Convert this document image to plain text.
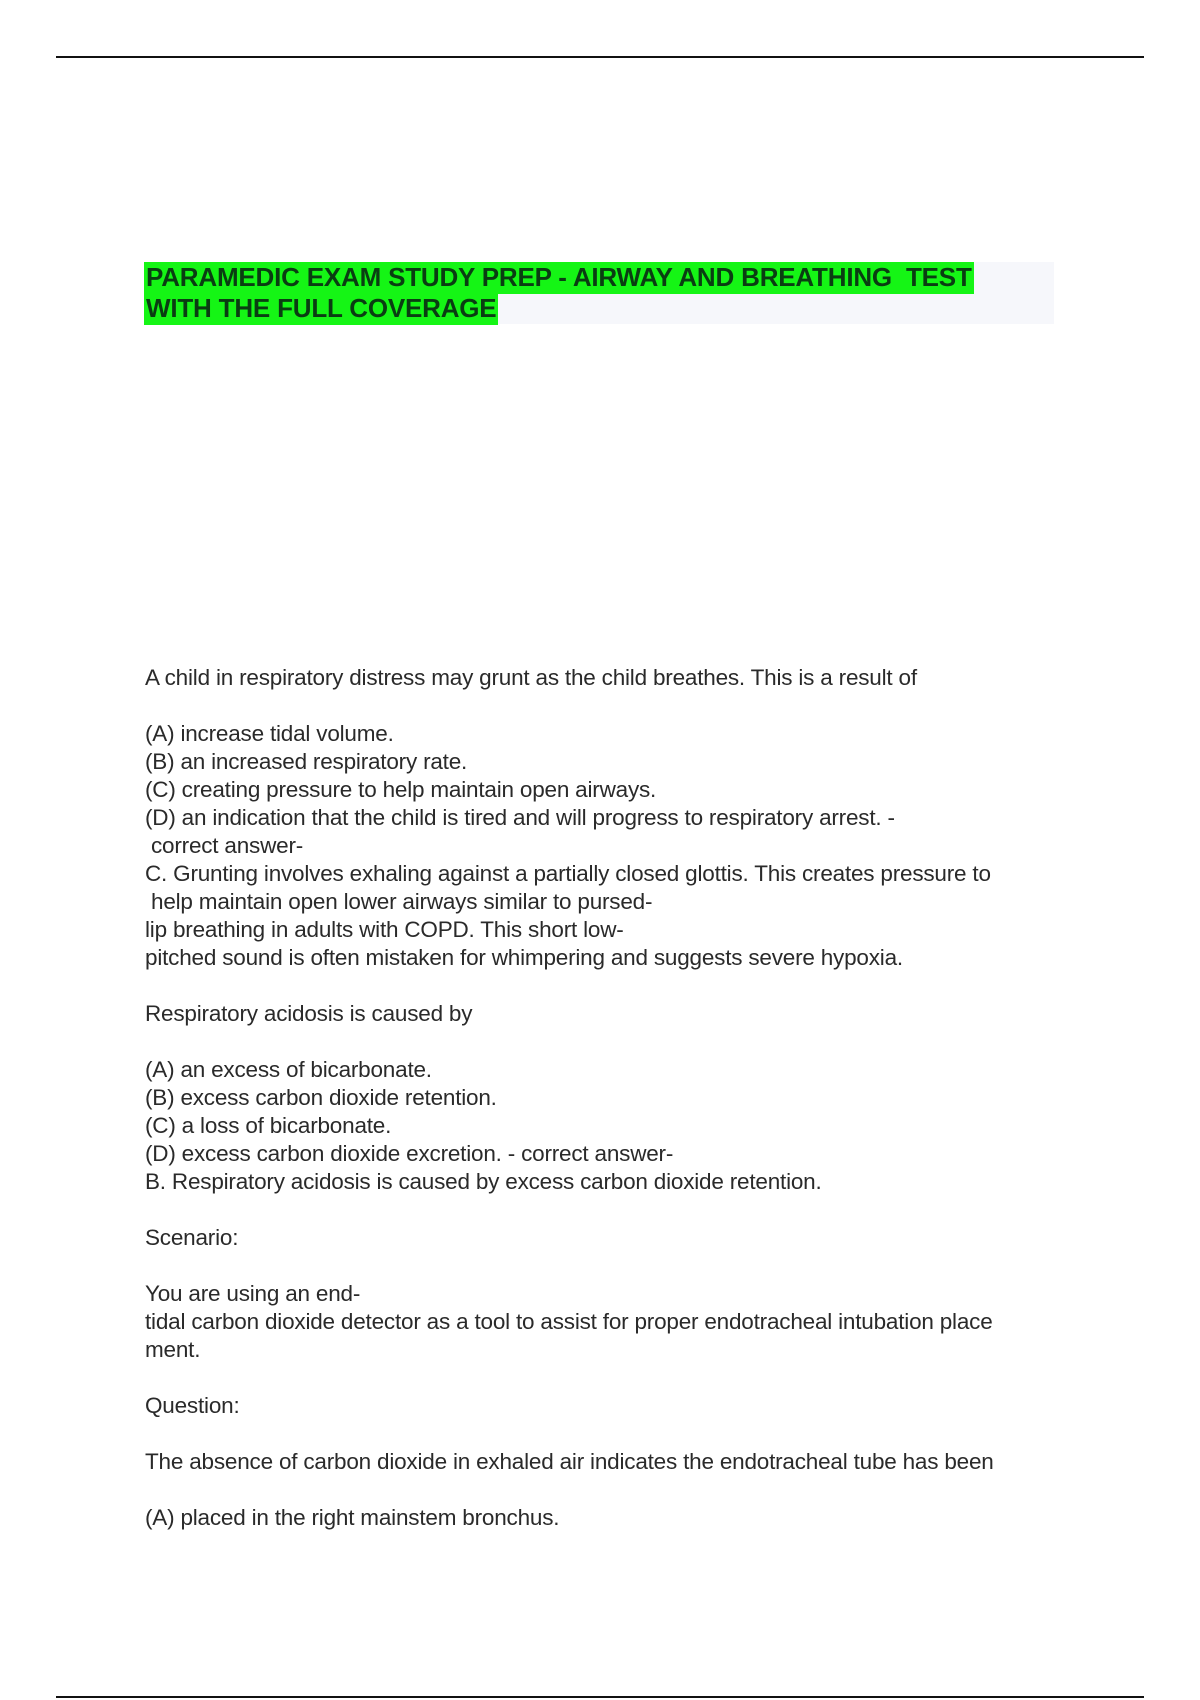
PARAMEDIC EXAM STUDY PREP - AIRWAY AND BREATHING  TEST
WITH THE FULL COVERAGE
A child in respiratory distress may grunt as the child breathes. This is a result of
(A) increase tidal volume.
(B) an increased respiratory rate.
(C) creating pressure to help maintain open airways.
(D) an indication that the child is tired and will progress to respiratory arrest. -
correct answer-
C. Grunting involves exhaling against a partially closed glottis. This creates pressure to
help maintain open lower airways similar to pursed-
lip breathing in adults with COPD. This short low-
pitched sound is often mistaken for whimpering and suggests severe hypoxia.
Respiratory acidosis is caused by
(A) an excess of bicarbonate.
(B) excess carbon dioxide retention.
(C) a loss of bicarbonate.
(D) excess carbon dioxide excretion. - correct answer-
B. Respiratory acidosis is caused by excess carbon dioxide retention.
Scenario:
You are using an end-
tidal carbon dioxide detector as a tool to assist for proper endotracheal intubation place
ment.
Question:
The absence of carbon dioxide in exhaled air indicates the endotracheal tube has been
(A) placed in the right mainstem bronchus.
